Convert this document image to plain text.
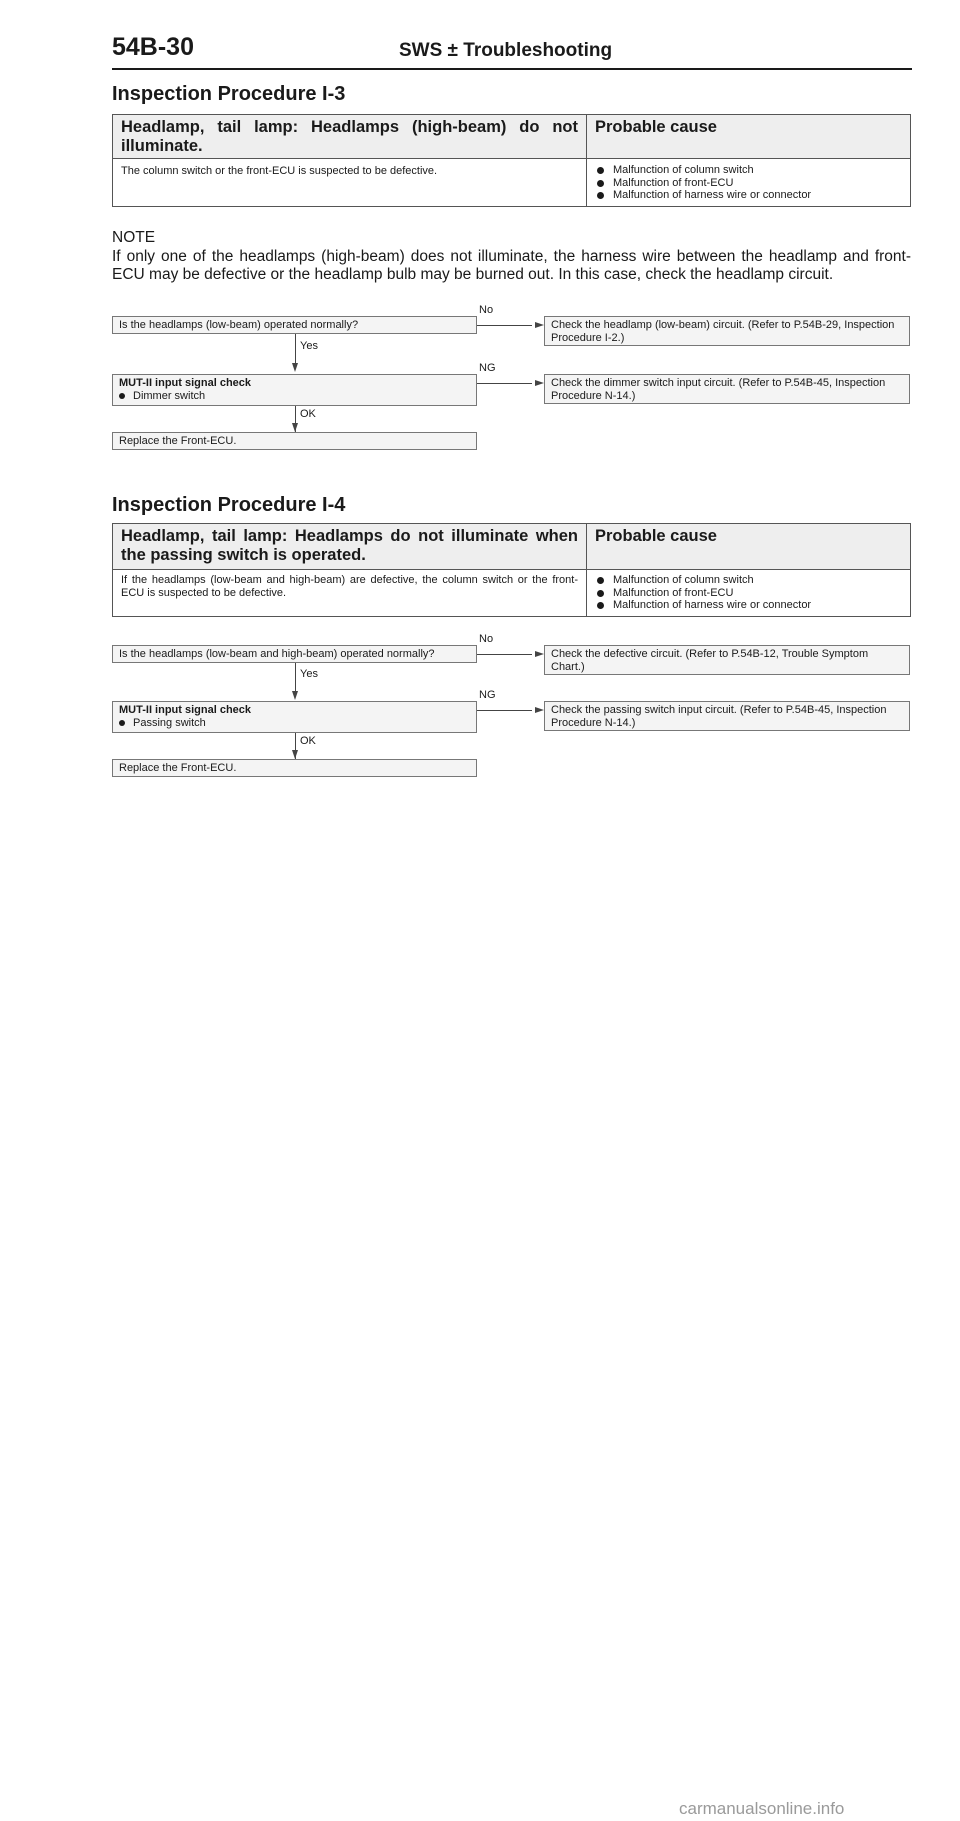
54B-30	SWS ± Troubleshooting
Inspection Procedure I-3
Headlamp, tail lamp: Headlamps (high-beam) do not illuminate.
Probable cause
The column switch or the front-ECU is suspected to be defective.	Malfunction of column switch
Malfunction of front-ECU
Malfunction of harness wire or connector

NOTE

If only one of the headlamps (high-beam) does not illuminate, the harness wire between the headlamp and front-ECU may be defective or the headlamp bulb may be burned out. In this case, check the headlamp circuit.

Is the headlamps (low-beam) operated normally?
No
Check the headlamp (low-beam) circuit. (Refer to P.54B-29, Inspection Procedure I-2.)
Yes
MUT-II input signal check
Dimmer switch
NG
Check the dimmer switch input circuit. (Refer to P.54B-45, Inspection Procedure N-14.)
OK
Replace the Front-ECU.
Inspection Procedure I-4
Headlamp, tail lamp: Headlamps do not illuminate when the passing switch is operated.
Probable cause
If the headlamps (low-beam and high-beam) are defective, the column switch or the front-ECU is suspected to be defective.
Malfunction of column switch
Malfunction of front-ECU
Malfunction of harness wire or connector
Is the headlamps (low-beam and high-beam) operated normally?
No
Check the defective circuit. (Refer to P.54B-12, Trouble Symptom Chart.)
Yes
MUT-II input signal check
Passing switch
NG
Check the passing switch input circuit. (Refer to P.54B-45, Inspection Procedure N-14.)
OK
Replace the Front-ECU.
carmanualsonline.info
